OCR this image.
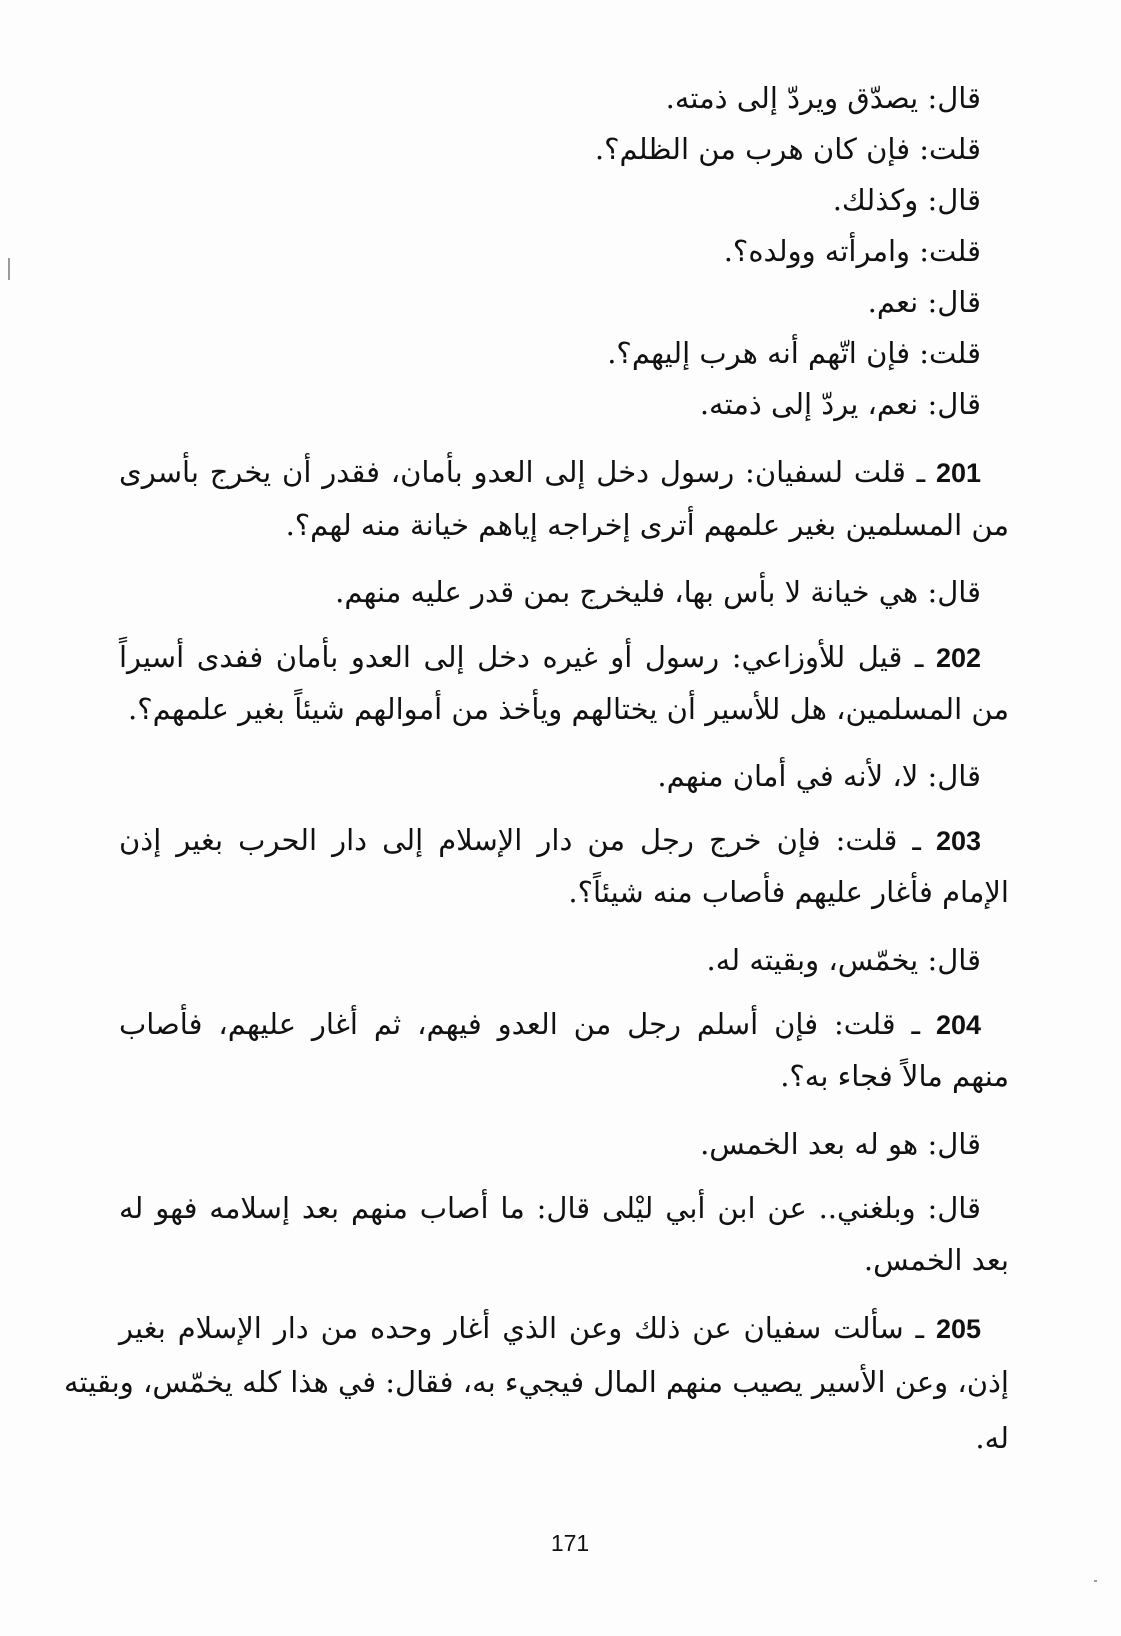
قال: يصدّق ويردّ إلى ذمته.
قلت: فإن كان هرب من الظلم؟.
قال: وكذلك.
قلت: وامرأته وولده؟.
قال: نعم.
قلت: فإن اتّهم أنه هرب إليهم؟.
قال: نعم، يردّ إلى ذمته.
201 ـ قلت لسفيان: رسول دخل إلى العدو بأمان، فقدر أن يخرج بأسرى
من المسلمين بغير علمهم أترى إخراجه إياهم خيانة منه لهم؟.
قال: هي خيانة لا بأس بها، فليخرج بمن قدر عليه منهم.
202 ـ قيل للأوزاعي: رسول أو غيره دخل إلى العدو بأمان ففدى أسيراً
من المسلمين، هل للأسير أن يختالهم ويأخذ من أموالهم شيئاً بغير علمهم؟.
قال: لا، لأنه في أمان منهم.
203 ـ قلت: فإن خرج رجل من دار الإسلام إلى دار الحرب بغير إذن
الإمام فأغار عليهم فأصاب منه شيئاً؟.
قال: يخمّس، وبقيته له.
204 ـ قلت: فإن أسلم رجل من العدو فيهم، ثم أغار عليهم، فأصاب
منهم مالاً فجاء به؟.
قال: هو له بعد الخمس.
قال: وبلغني.. عن ابن أبي ليْلى قال: ما أصاب منهم بعد إسلامه فهو له
بعد الخمس.
205 ـ سألت سفيان عن ذلك وعن الذي أغار وحده من دار الإسلام بغير
إذن، وعن الأسير يصيب منهم المال فيجيء به، فقال: في هذا كله يخمّس، وبقيته
له.
171
